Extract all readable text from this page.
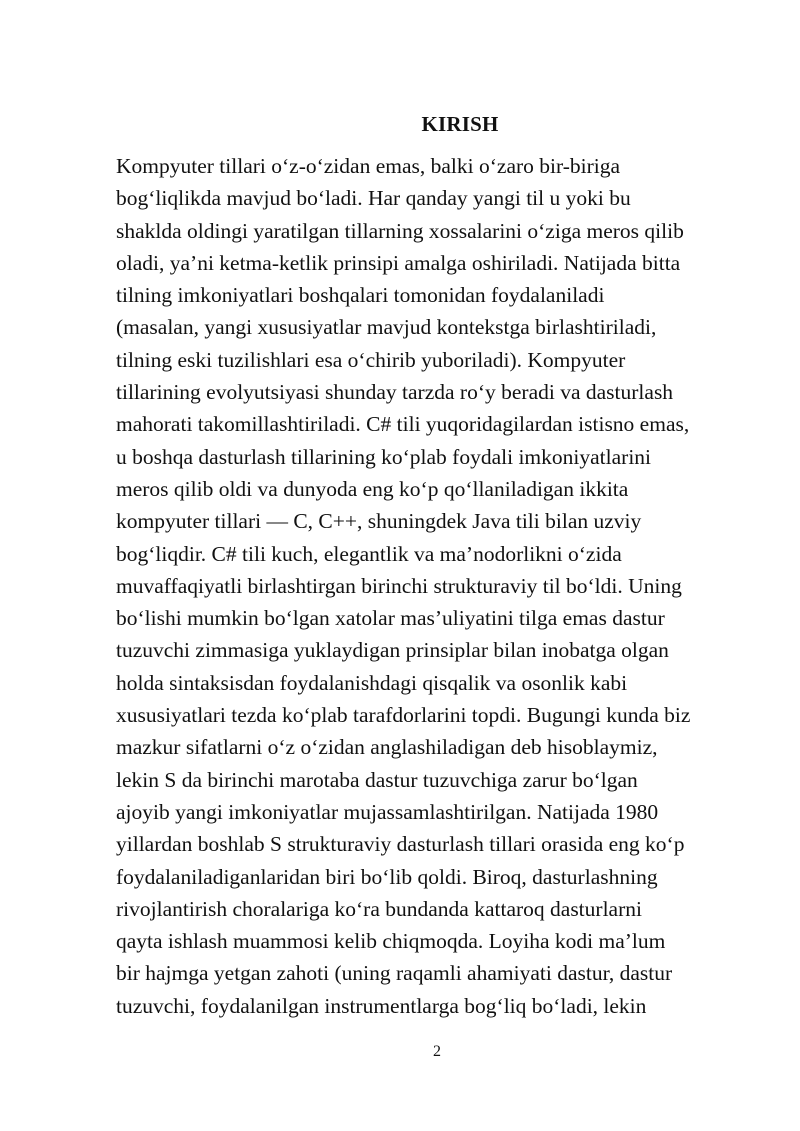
KIRISH
Kompyuter tillari o‘z-o‘zidan emas, balki o‘zaro bir-biriga
bog‘liqlikda mavjud bo‘ladi. Har qanday yangi til u yoki bu
shaklda oldingi yaratilgan tillarning xossalarini o‘ziga meros qilib
oladi, ya’ni ketma-ketlik prinsipi amalga oshiriladi. Natijada bitta
tilning imkoniyatlari boshqalari tomonidan foydalaniladi
(masalan, yangi xususiyatlar mavjud kontekstga birlashtiriladi,
tilning eski tuzilishlari esa o‘chirib yuboriladi). Kompyuter
tillarining evolyutsiyasi shunday tarzda ro‘y beradi va dasturlash
mahorati takomillashtiriladi. C# tili yuqoridagilardan istisno emas,
u boshqa dasturlash tillarining ko‘plab foydali imkoniyatlarini
meros qilib oldi va dunyoda eng ko‘p qo‘llaniladigan ikkita
kompyuter tillari — C, C++, shuningdek Java tili bilan uzviy
bog‘liqdir. C# tili kuch, elegantlik va ma’nodorlikni o‘zida
muvaffaqiyatli birlashtirgan birinchi strukturaviy til bo‘ldi. Uning
bo‘lishi mumkin bo‘lgan xatolar mas’uliyatini tilga emas dastur
tuzuvchi zimmasiga yuklaydigan prinsiplar bilan inobatga olgan
holda sintaksisdan foydalanishdagi qisqalik va osonlik kabi
xususiyatlari tezda ko‘plab tarafdorlarini topdi. Bugungi kunda biz
mazkur sifatlarni o‘z o‘zidan anglashiladigan deb hisoblaymiz,
lekin S da birinchi marotaba dastur tuzuvchiga zarur bo‘lgan
ajoyib yangi imkoniyatlar mujassamlashtirilgan. Natijada 1980
yillardan boshlab S strukturaviy dasturlash tillari orasida eng ko‘p
foydalaniladiganlaridan biri bo‘lib qoldi. Biroq, dasturlashning
rivojlantirish choralariga ko‘ra bundanda kattaroq dasturlarni
qayta ishlash muammosi kelib chiqmoqda. Loyiha kodi ma’lum
bir hajmga yetgan zahoti (uning raqamli ahamiyati dastur, dastur
tuzuvchi, foydalanilgan instrumentlarga bog‘liq bo‘ladi, lekin
2
